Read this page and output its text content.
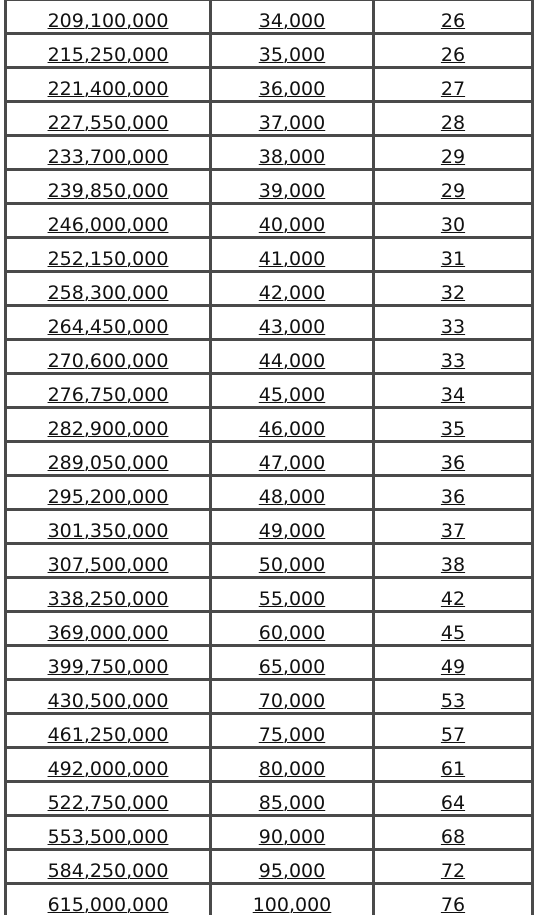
209,100,000	34,000	26
215,250,000	35,000	26
221,400,000	36,000	27
227,550,000	37,000	28
233,700,000	38,000	29
239,850,000	39,000	29
246,000,000	40,000	30
252,150,000	41,000	31
258,300,000	42,000	32
264,450,000	43,000	33
270,600,000	44,000	33
276,750,000	45,000	34
282,900,000	46,000	35
289,050,000	47,000	36
295,200,000	48,000	36
301,350,000	49,000	37
307,500,000	50,000	38
338,250,000	55,000	42
369,000,000	60,000	45
399,750,000	65,000	49
430,500,000	70,000	53
461,250,000	75,000	57
492,000,000	80,000	61
522,750,000	85,000	64
553,500,000	90,000	68
584,250,000	95,000	72
615,000,000	100,000	76
